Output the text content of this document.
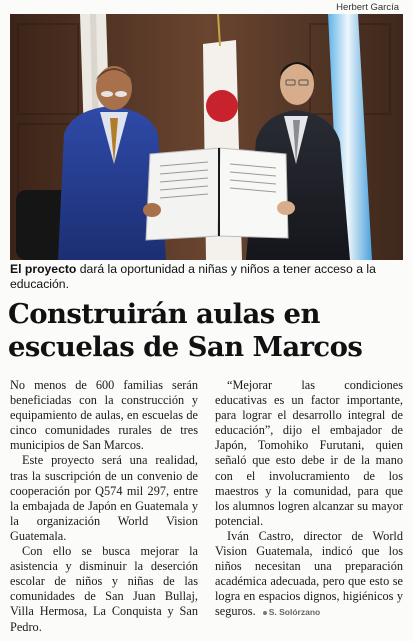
Herbert García
El proyecto dará la oportunidad a niñas y niños a tener acceso a la educación.
Construirán aulas en
escuelas de San Marcos

No menos de 600 familias serán beneficiadas con la construcción y equipamiento de aulas, en escuelas de cinco comunidades rurales de tres municipios de San Marcos.

Este proyecto será una realidad, tras la suscripción de un convenio de cooperación por Q574 mil 297, entre la embajada de Japón en Guatemala y la organización World Vision Guatemala.

Con ello se busca mejorar la asistencia y disminuir la deserción escolar de niños y niñas de las comunidades de San Juan Bullaj, Villa Hermosa, La Conquista y San Pedro.

“Mejorar las condiciones educativas es un factor importante, para lograr el desarrollo integral de educación”, dijo el embajador de Japón, Tomohiko Furutani, quien señaló que esto debe ir de la mano con el involucramiento de los maestros y la comunidad, para que los alumnos logren alcanzar su mayor potencial.

Iván Castro, director de World Vision Guatemala, indicó que los niños necesitan una preparación académica adecuada, pero que esto se logra en espacios dignos, higiénicos y seguros. S. Solórzano
